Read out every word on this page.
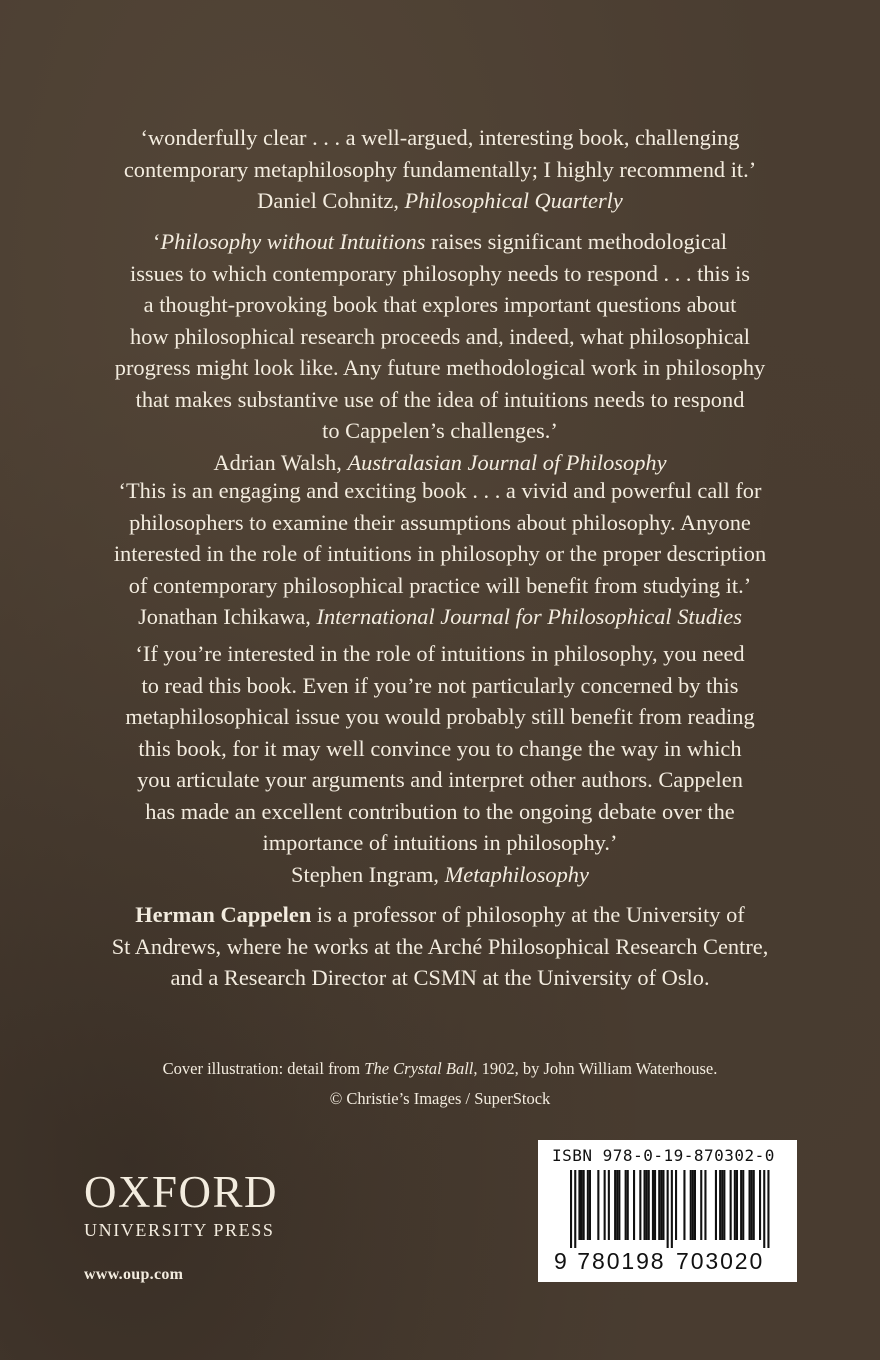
‘wonderfully clear . . . a well-argued, interesting book, challenging

contemporary metaphilosophy fundamentally; I highly recommend it.’

Daniel Cohnitz, Philosophical Quarterly

‘Philosophy without Intuitions raises significant methodological

issues to which contemporary philosophy needs to respond . . . this is

a thought-provoking book that explores important questions about

how philosophical research proceeds and, indeed, what philosophical

progress might look like. Any future methodological work in philosophy

that makes substantive use of the idea of intuitions needs to respond

to Cappelen’s challenges.’

Adrian Walsh, Australasian Journal of Philosophy

‘This is an engaging and exciting book . . . a vivid and powerful call for

philosophers to examine their assumptions about philosophy. Anyone

interested in the role of intuitions in philosophy or the proper description

of contemporary philosophical practice will benefit from studying it.’

Jonathan Ichikawa, International Journal for Philosophical Studies

‘If you’re interested in the role of intuitions in philosophy, you need

to read this book. Even if you’re not particularly concerned by this

metaphilosophical issue you would probably still benefit from reading

this book, for it may well convince you to change the way in which

you articulate your arguments and interpret other authors. Cappelen

has made an excellent contribution to the ongoing debate over the

importance of intuitions in philosophy.’

Stephen Ingram, Metaphilosophy

Herman Cappelen is a professor of philosophy at the University of

St Andrews, where he works at the Arché Philosophical Research Centre,

and a Research Director at CSMN at the University of Oslo.

Cover illustration: detail from The Crystal Ball, 1902, by John William Waterhouse.
© Christie’s Images / SuperStock
OXFORD
UNIVERSITY PRESS
www.oup.com
ISBN 978-0-19-870302-0
9 7 8 0 1 9 8 7 0 3 0 2 0
